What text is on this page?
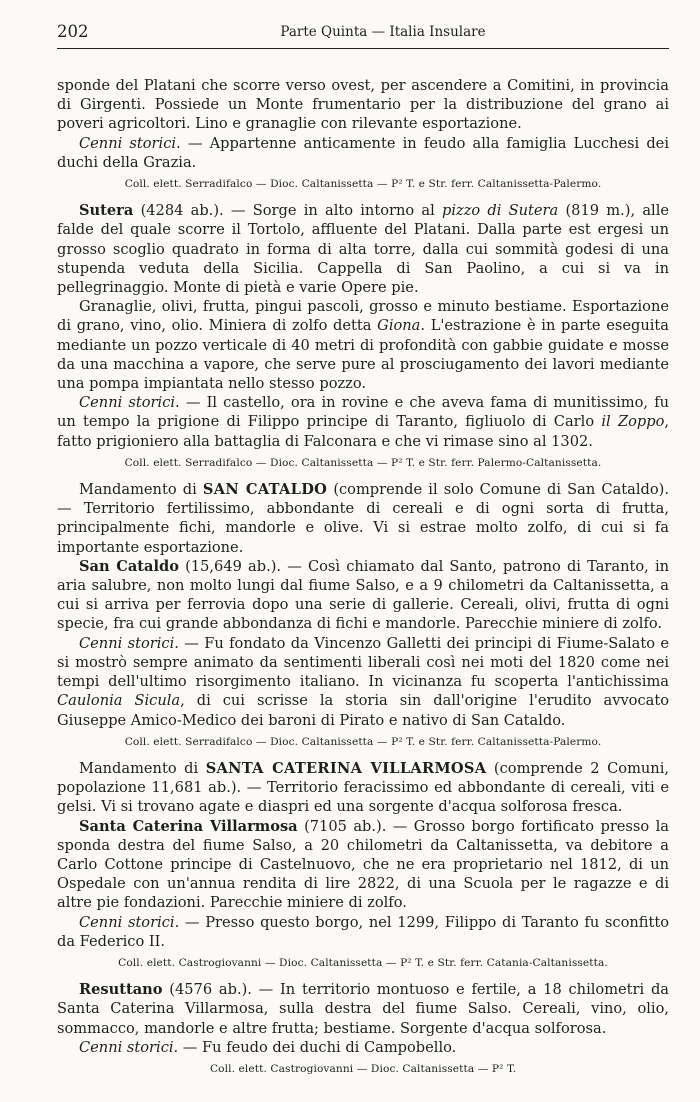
202	Parte Quinta — Italia Insulare

sponde del Platani che scorre verso ovest, per ascendere a Comitini, in provincia di Girgenti. Possiede un Monte frumentario per la distribuzione del grano ai poveri agricoltori. Lino e granaglie con rilevante esportazione.

Cenni storici. — Appartenne anticamente in feudo alla famiglia Lucchesi dei duchi della Grazia.

Coll. elett. Serradifalco — Dioc. Caltanissetta — P² T. e Str. ferr. Caltanissetta-Palermo.

Sutera (4284 ab.). — Sorge in alto intorno al pizzo di Sutera (819 m.), alle falde del quale scorre il Tortolo, affluente del Platani. Dalla parte est ergesi un grosso scoglio quadrato in forma di alta torre, dalla cui sommità godesi di una stupenda veduta della Sicilia. Cappella di San Paolino, a cui si va in pellegrinaggio. Monte di pietà e varie Opere pie.

Granaglie, olivi, frutta, pingui pascoli, grosso e minuto bestiame. Esportazione di grano, vino, olio. Miniera di zolfo detta Giona. L'estrazione è in parte eseguita mediante un pozzo verticale di 40 metri di profondità con gabbie guidate e mosse da una macchina a vapore, che serve pure al prosciugamento dei lavori mediante una pompa impiantata nello stesso pozzo.

Cenni storici. — Il castello, ora in rovine e che aveva fama di munitissimo, fu un tempo la prigione di Filippo principe di Taranto, figliuolo di Carlo il Zoppo, fatto prigioniero alla battaglia di Falconara e che vi rimase sino al 1302.

Coll. elett. Serradifalco — Dioc. Caltanissetta — P² T. e Str. ferr. Palermo-Caltanissetta.

Mandamento di SAN CATALDO (comprende il solo Comune di San Cataldo). — Territorio fertilissimo, abbondante di cereali e di ogni sorta di frutta, principalmente fichi, mandorle e olive. Vi si estrae molto zolfo, di cui si fa importante esportazione.

San Cataldo (15,649 ab.). — Così chiamato dal Santo, patrono di Taranto, in aria salubre, non molto lungi dal fiume Salso, e a 9 chilometri da Caltanissetta, a cui si arriva per ferrovia dopo una serie di gallerie. Cereali, olivi, frutta di ogni specie, fra cui grande abbondanza di fichi e mandorle. Parecchie miniere di zolfo.

Cenni storici. — Fu fondato da Vincenzo Galletti dei principi di Fiume-Salato e si mostrò sempre animato da sentimenti liberali così nei moti del 1820 come nei tempi dell'ultimo risorgimento italiano. In vicinanza fu scoperta l'antichissima Caulonia Sicula, di cui scrisse la storia sin dall'origine l'erudito avvocato Giuseppe Amico-Medico dei baroni di Pirato e nativo di San Cataldo.

Coll. elett. Serradifalco — Dioc. Caltanissetta — P² T. e Str. ferr. Caltanissetta-Palermo.

Mandamento di SANTA CATERINA VILLARMOSA (comprende 2 Comuni, popolazione 11,681 ab.). — Territorio feracissimo ed abbondante di cereali, viti e gelsi. Vi si trovano agate e diaspri ed una sorgente d'acqua solforosa fresca.

Santa Caterina Villarmosa (7105 ab.). — Grosso borgo fortificato presso la sponda destra del fiume Salso, a 20 chilometri da Caltanissetta, va debitore a Carlo Cottone principe di Castelnuovo, che ne era proprietario nel 1812, di un Ospedale con un'annua rendita di lire 2822, di una Scuola per le ragazze e di altre pie fondazioni. Parecchie miniere di zolfo.

Cenni storici. — Presso questo borgo, nel 1299, Filippo di Taranto fu sconfitto da Federico II.

Coll. elett. Castrogiovanni — Dioc. Caltanissetta — P² T. e Str. ferr. Catania-Caltanissetta.

Resuttano (4576 ab.). — In territorio montuoso e fertile, a 18 chilometri da Santa Caterina Villarmosa, sulla destra del fiume Salso. Cereali, vino, olio, sommacco, mandorle e altre frutta; bestiame. Sorgente d'acqua solforosa.

Cenni storici. — Fu feudo dei duchi di Campobello.

Coll. elett. Castrogiovanni — Dioc. Caltanissetta — P² T.
